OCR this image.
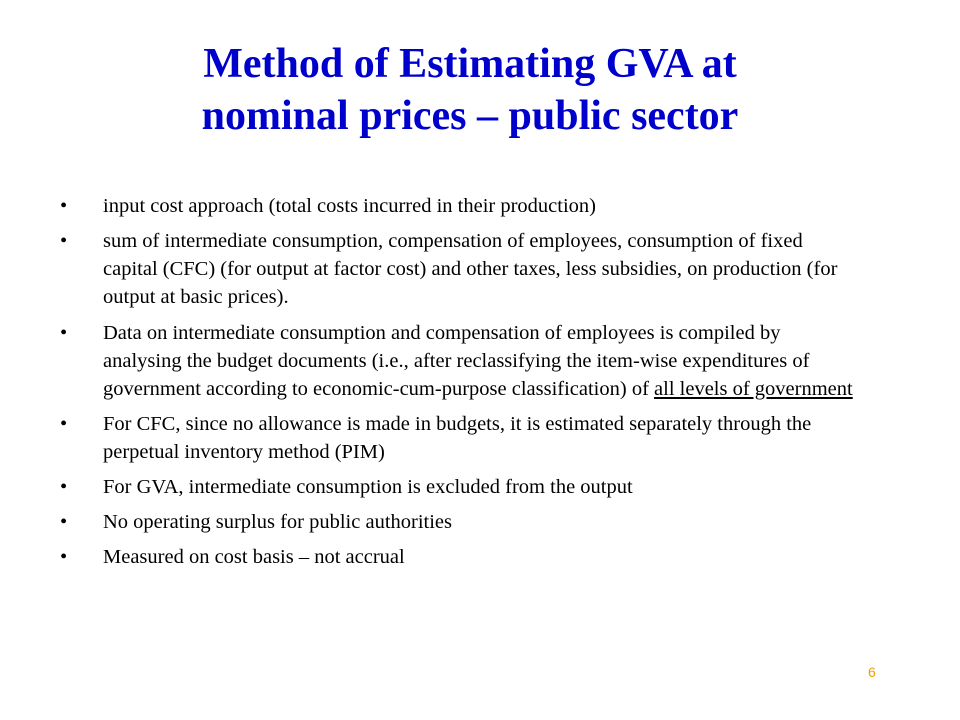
Method of Estimating GVA at
nominal prices – public sector
•	input cost approach (total costs incurred in their production)
•	sum of intermediate consumption, compensation of employees, consumption of fixed capital (CFC) (for output at factor cost) and other taxes, less subsidies, on production (for output at basic prices).
•	Data on intermediate consumption and compensation of employees is compiled by analysing the budget documents (i.e., after reclassifying the item-wise expenditures of government according to economic-cum-purpose classification) of all levels of government
•	For CFC, since no allowance is made in budgets, it is estimated separately through the perpetual inventory method (PIM)
•	For GVA, intermediate consumption is excluded from the output
•	No operating surplus for public authorities
•	Measured on cost basis – not accrual
6
